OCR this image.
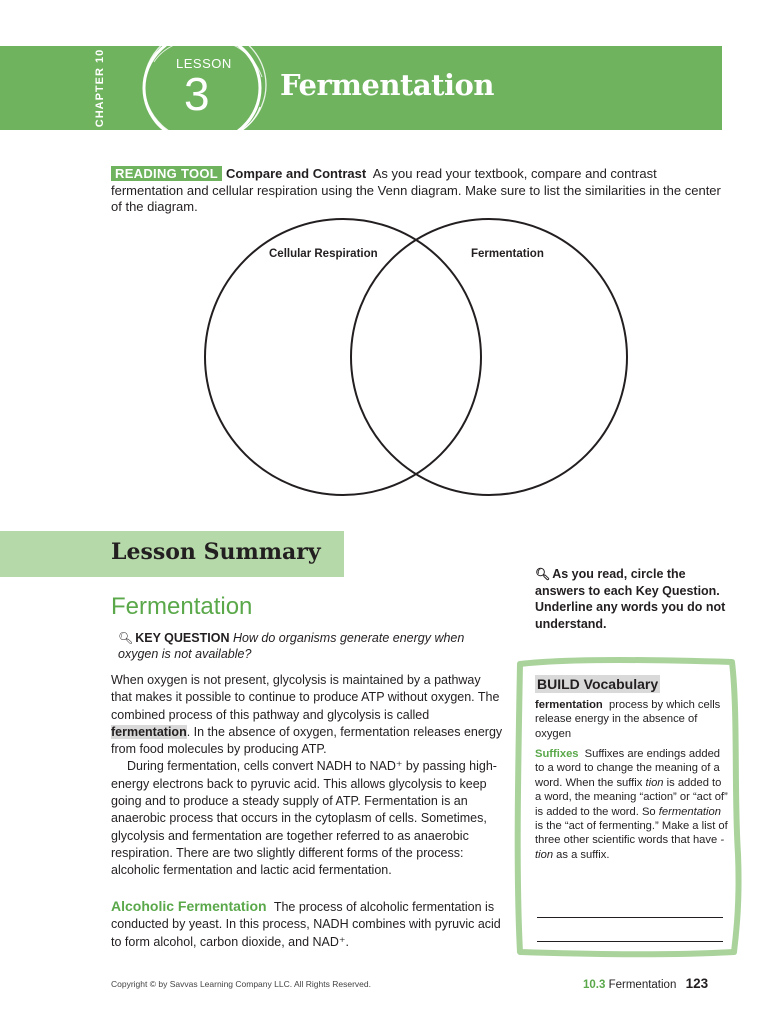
CHAPTER 10	LESSON
3 Fermentation
READING TOOL Compare and Contrast As you read your textbook, compare and contrast fermentation and cellular respiration using the Venn diagram. Make sure to list the similarities in the center of the diagram.
Cellular Respiration	Fermentation
Lesson Summary
Fermentation
🔍︎ KEY QUESTION How do organisms generate energy when oxygen is not available?

When oxygen is not present, glycolysis is maintained by a pathway that makes it possible to continue to produce ATP without oxygen. The combined process of this pathway and glycolysis is called fermentation. In the absence of oxygen, fermentation releases energy from food molecules by producing ATP.

During fermentation, cells convert NADH to NAD⁺ by passing high-energy electrons back to pyruvic acid. This allows glycolysis to keep going and to produce a steady supply of ATP. Fermentation is an anaerobic process that occurs in the cytoplasm of cells. Sometimes, glycolysis and fermentation are together referred to as anaerobic respiration. There are two slightly different forms of the process: alcoholic fermentation and lactic acid fermentation.

Alcoholic Fermentation The process of alcoholic fermentation is conducted by yeast. In this process, NADH combines with pyruvic acid to form alcohol, carbon dioxide, and NAD⁺.
🔍︎ As you read, circle the answers to each Key Question. Underline any words you do not understand.
BUILD Vocabulary
fermentation process by which cells release energy in the absence of oxygen
Suffixes Suffixes are endings added to a word to change the meaning of a word. When the suffix tion is added to a word, the meaning “action” or “act of” is added to the word. So fermentation is the “act of fermenting.” Make a list of three other scientific words that have -tion as a suffix.
Copyright © by Savvas Learning Company LLC. All Rights Reserved.	10.3 Fermentation 123
